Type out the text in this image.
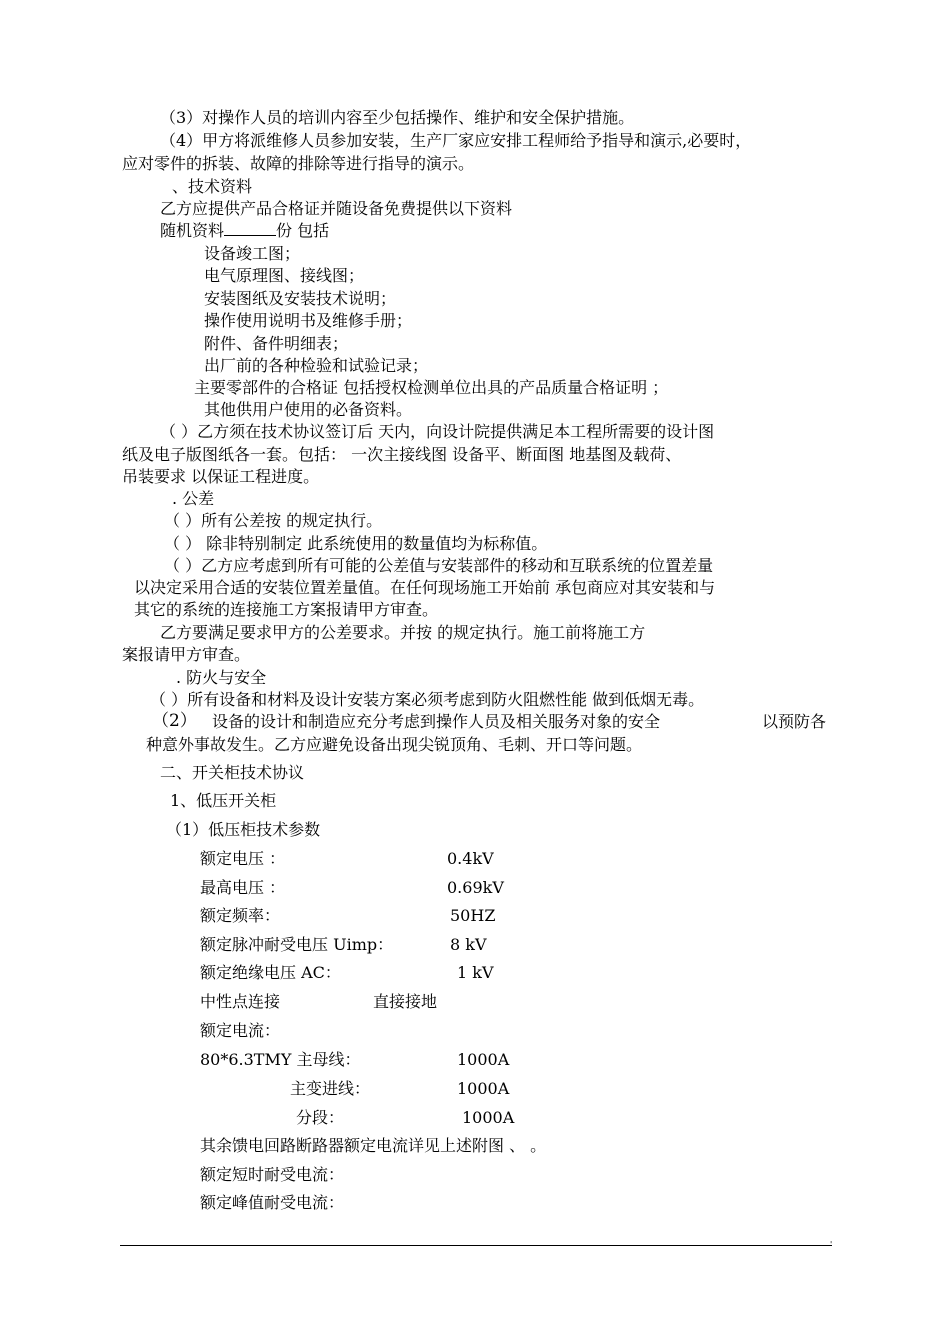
（3）对操作人员的培训内容至少包括操作、维护和安全保护措施。
（4）甲方将派维修人员参加安装，生产厂家应安排工程师给予指导和演示,必要时，
应对零件的拆装、故障的排除等进行指导的演示。
、技术资料
乙方应提供产品合格证并随设备免费提供以下资料
随机资料	份 包括
设备竣工图；
电气原理图、接线图；
安装图纸及安装技术说明；
操作使用说明书及维修手册；
附件、备件明细表；
出厂前的各种检验和试验记录；
主要零部件的合格证 包括授权检测单位出具的产品质量合格证明 ；
其他供用户使用的必备资料。
（ ）乙方须在技术协议签订后 天内，向设计院提供满足本工程所需要的设计图
纸及电子版图纸各一套。包括： 一次主接线图 设备平、断面图 地基图及载荷、
吊装要求 以保证工程进度。
. 公差
（ ）所有公差按 的规定执行。
（ ） 除非特别制定 此系统使用的数量值均为标称值。
（ ）乙方应考虑到所有可能的公差值与安装部件的移动和互联系统的位置差量
以决定采用合适的安装位置差量值。在任何现场施工开始前 承包商应对其安装和与
其它的系统的连接施工方案报请甲方审查。
乙方要满足要求甲方的公差要求。并按 的规定执行。施工前将施工方
案报请甲方审查。
. 防火与安全
（ ）所有设备和材料及设计安装方案必须考虑到防火阻燃性能 做到低烟无毒。
（2） 设备的设计和制造应充分考虑到操作人员及相关服务对象的安全	以预防各
种意外事故发生。乙方应避免设备出现尖锐顶角、毛刺、开口等问题。
二、开关柜技术协议
1、低压开关柜
（1）低压柜技术参数
额定电压 ：	0.4kV
最高电压 ：	0.69kV
额定频率：	50HZ
额定脉冲耐受电压 Uimp：	8 kV
额定绝缘电压 AC：	1 kV
中性点连接	直接接地
额定电流：
80*6.3TMY 主母线：	1000A
主变进线：	1000A
分段：	1000A
其余馈电回路断路器额定电流详见上述附图 、 。
额定短时耐受电流：
额定峰值耐受电流：
'
